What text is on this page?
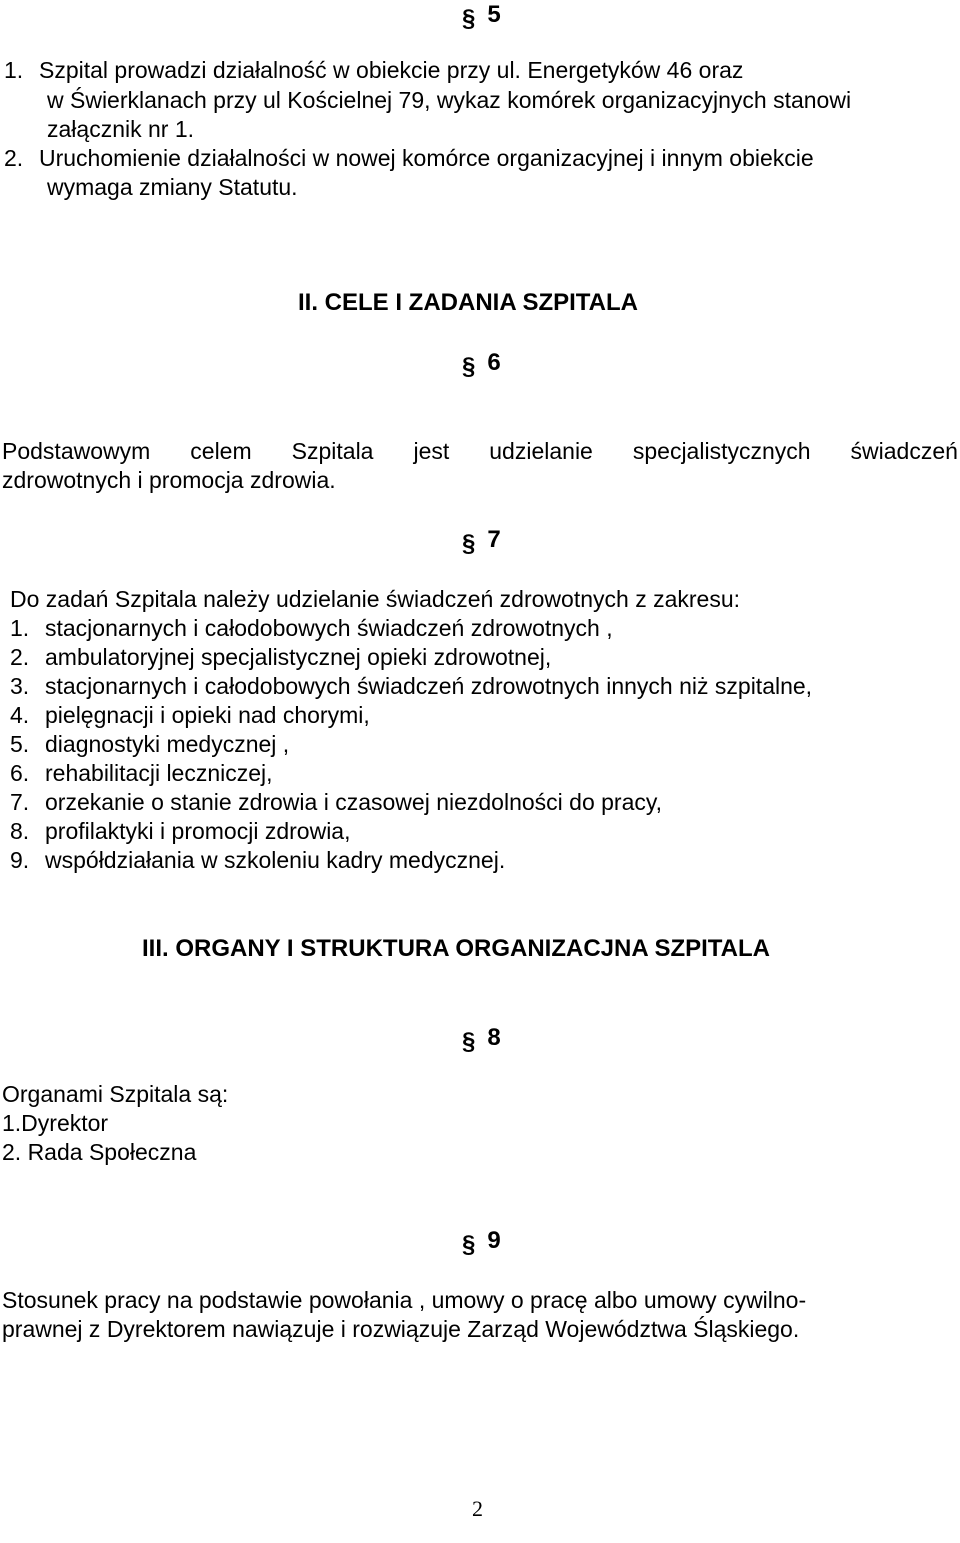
§ 5
1. Szpital prowadzi działalność w obiekcie przy ul. Energetyków 46 oraz
w Świerklanach przy ul Kościelnej 79, wykaz komórek organizacyjnych stanowi
załącznik nr 1.
2. Uruchomienie działalności w nowej komórce organizacyjnej i innym obiekcie
wymaga zmiany Statutu.
II. CELE I ZADANIA SZPITALA
§ 6
Podstawowym celem Szpitala jest udzielanie specjalistycznych świadczeń
zdrowotnych i promocja zdrowia.
§ 7
Do zadań Szpitala należy udzielanie świadczeń zdrowotnych z zakresu:
1. stacjonarnych i całodobowych świadczeń zdrowotnych ,
2. ambulatoryjnej specjalistycznej opieki zdrowotnej,
3. stacjonarnych i całodobowych świadczeń zdrowotnych innych niż szpitalne,
4. pielęgnacji i opieki nad chorymi,
5. diagnostyki medycznej ,
6. rehabilitacji leczniczej,
7. orzekanie o stanie zdrowia i czasowej niezdolności do pracy,
8. profilaktyki i promocji zdrowia,
9. współdziałania w szkoleniu kadry medycznej.
III. ORGANY I STRUKTURA ORGANIZACJNA SZPITALA
§ 8
Organami Szpitala są:
1.Dyrektor
2. Rada Społeczna
§ 9
Stosunek pracy na podstawie powołania , umowy o pracę albo umowy cywilno-
prawnej z Dyrektorem nawiązuje i rozwiązuje Zarząd Województwa Śląskiego.
2
